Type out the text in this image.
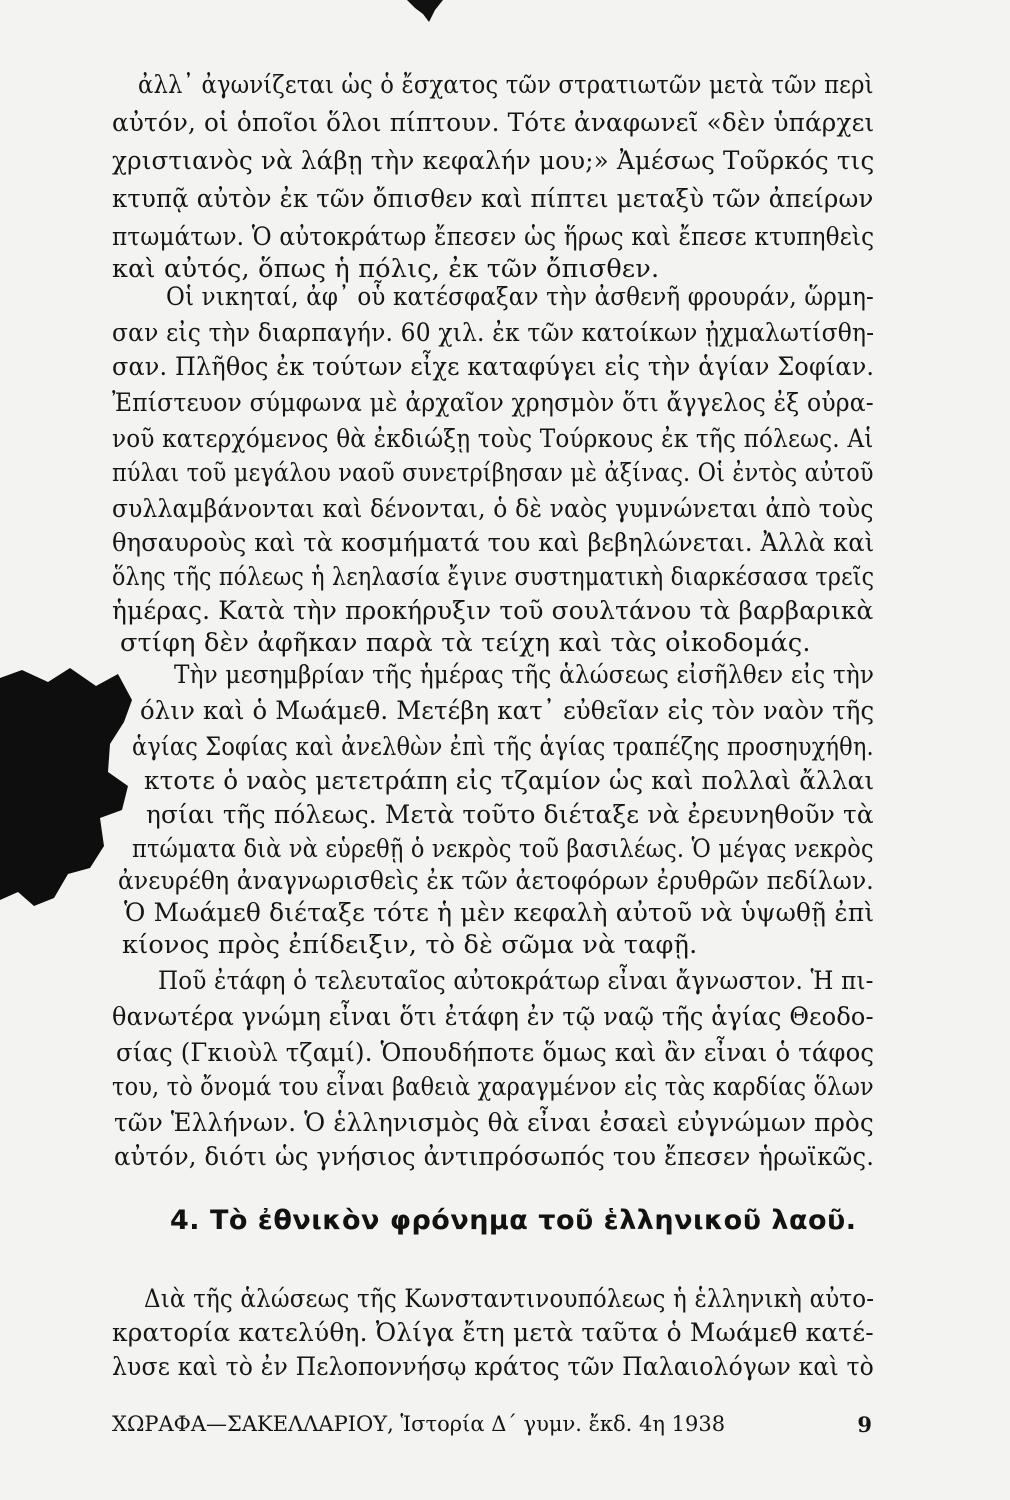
ἀλλ᾽ ἀγωνίζεται ὡς ὁ ἔσχατος τῶν στρατιωτῶν μετὰ τῶν περὶ
αὐτόν, οἱ ὁποῖοι ὅλοι πίπτουν. Τότε ἀναφωνεῖ «δὲν ὑπάρχει
χριστιανὸς νὰ λάβῃ τὴν κεφαλήν μου;» Ἀμέσως Τοῦρκός τις
κτυπᾷ αὐτὸν ἐκ τῶν ὄπισθεν καὶ πίπτει μεταξὺ τῶν ἀπείρων
πτωμάτων. Ὁ αὐτοκράτωρ ἔπεσεν ὡς ἥρως καὶ ἔπεσε κτυπηθεὶς
καὶ αὐτός, ὅπως ἡ πόλις, ἐκ τῶν ὄπισθεν.
Οἱ νικηταί, ἀφ᾽ οὗ κατέσφαξαν τὴν ἀσθενῆ φρουράν, ὥρμη-
σαν εἰς τὴν διαρπαγήν. 60 χιλ. ἐκ τῶν κατοίκων ᾐχμαλωτίσθη-
σαν. Πλῆθος ἐκ τούτων εἶχε καταφύγει εἰς τὴν ἁγίαν Σοφίαν.
Ἐπίστευον σύμφωνα μὲ ἀρχαῖον χρησμὸν ὅτι ἄγγελος ἐξ οὐρα-
νοῦ κατερχόμενος θὰ ἐκδιώξῃ τοὺς Τούρκους ἐκ τῆς πόλεως. Αἱ
πύλαι τοῦ μεγάλου ναοῦ συνετρίβησαν μὲ ἀξίνας. Οἱ ἐντὸς αὐτοῦ
συλλαμβάνονται καὶ δένονται, ὁ δὲ ναὸς γυμνώνεται ἀπὸ τοὺς
θησαυροὺς καὶ τὰ κοσμήματά του καὶ βεβηλώνεται. Ἀλλὰ καὶ
ὅλης τῆς πόλεως ἡ λεηλασία ἔγινε συστηματικὴ διαρκέσασα τρεῖς
ἡμέρας. Κατὰ τὴν προκήρυξιν τοῦ σουλτάνου τὰ βαρβαρικὰ
στίφη δὲν ἀφῆκαν παρὰ τὰ τείχη καὶ τὰς οἰκοδομάς.
Τὴν μεσημβρίαν τῆς ἡμέρας τῆς ἁλώσεως εἰσῆλθεν εἰς τὴν
όλιν καὶ ὁ Μωάμεθ. Μετέβη κατ᾽ εὐθεῖαν εἰς τὸν ναὸν τῆς
ἁγίας Σοφίας καὶ ἀνελθὼν ἐπὶ τῆς ἁγίας τραπέζης προσηυχήθη.
κτοτε ὁ ναὸς μετετράπη εἰς τζαμίον ὡς καὶ πολλαὶ ἄλλαι
ησίαι τῆς πόλεως. Μετὰ τοῦτο διέταξε νὰ ἐρευνηθοῦν τὰ
πτώματα διὰ νὰ εὑρεθῇ ὁ νεκρὸς τοῦ βασιλέως. Ὁ μέγας νεκρὸς
ἀνευρέθη ἀναγνωρισθεὶς ἐκ τῶν ἀετοφόρων ἐρυθρῶν πεδίλων.
Ὁ Μωάμεθ διέταξε τότε ἡ μὲν κεφαλὴ αὐτοῦ νὰ ὑψωθῇ ἐπὶ
κίονος πρὸς ἐπίδειξιν, τὸ δὲ σῶμα νὰ ταφῇ.
Ποῦ ἐτάφη ὁ τελευταῖος αὐτοκράτωρ εἶναι ἄγνωστον. Ἡ πι-
θανωτέρα γνώμη εἶναι ὅτι ἐτάφη ἐν τῷ ναῷ τῆς ἁγίας Θεοδο-
σίας (Γκιοὺλ τζαμί). Ὁπουδήποτε ὅμως καὶ ἂν εἶναι ὁ τάφος
του, τὸ ὄνομά του εἶναι βαθειὰ χαραγμένον εἰς τὰς καρδίας ὅλων
τῶν Ἑλλήνων. Ὁ ἑλληνισμὸς θὰ εἶναι ἐσαεὶ εὐγνώμων πρὸς
αὐτόν, διότι ὡς γνήσιος ἀντιπρόσωπός του ἔπεσεν ἡρωϊκῶς.
4. Τὸ ἐθνικὸν φρόνημα τοῦ ἑλληνικοῦ λαοῦ.
Διὰ τῆς ἁλώσεως τῆς Κωνσταντινουπόλεως ἡ ἑλληνικὴ αὐτο-
κρατορία κατελύθη. Ὀλίγα ἔτη μετὰ ταῦτα ὁ Μωάμεθ κατέ-
λυσε καὶ τὸ ἐν Πελοποννήσῳ κράτος τῶν Παλαιολόγων καὶ τὸ
ΧΩΡΑΦΑ—ΣΑΚΕΛΛΑΡΙΟΥ, Ἱστορία Δ΄ γυμν. ἔκδ. 4η 1938	9
